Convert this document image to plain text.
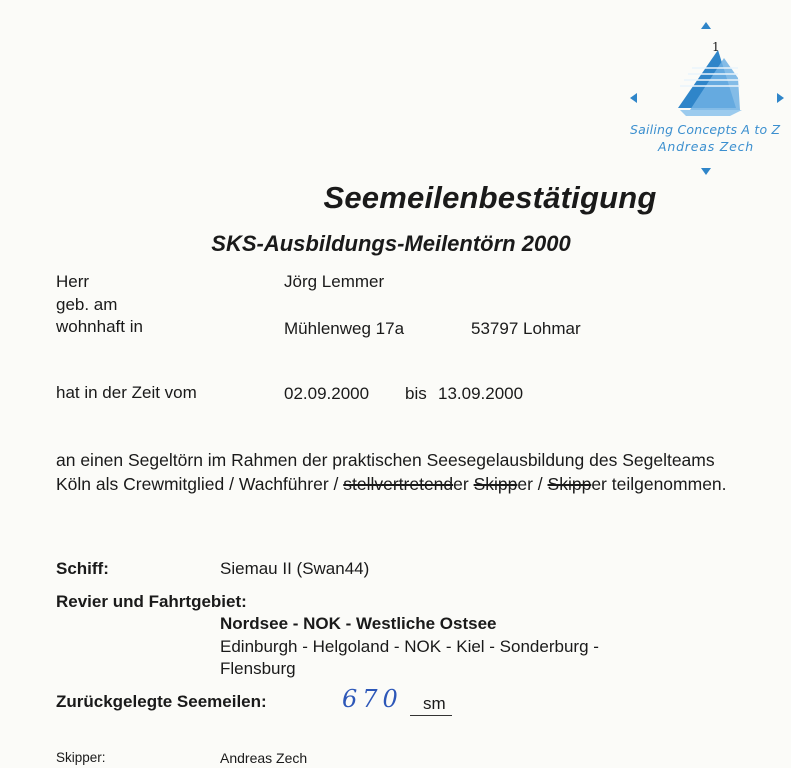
1
Sailing Concepts A to Z
Andreas Zech
Seemeilenbestätigung
SKS-Ausbildungs-Meilentörn 2000
Herr	Jörg Lemmer
geb. am
wohnhaft in	Mühlenweg 17a	53797 Lohmar
hat in der Zeit vom	02.09.2000 bis 13.09.2000
an einen Segeltörn im Rahmen der praktischen Seesegelausbildung des Segelteams Köln als Crewmitglied / Wachführer / stellvertretender Skipper / Skipper teilgenommen.
Schiff:	Siemau II (Swan44)
Revier und Fahrtgebiet:
Nordsee - NOK - Westliche Ostsee
Edinburgh - Helgoland - NOK - Kiel - Sonderburg -
Flensburg
Zurückgelegte Seemeilen:	670 sm
Skipper:	Andreas Zech
